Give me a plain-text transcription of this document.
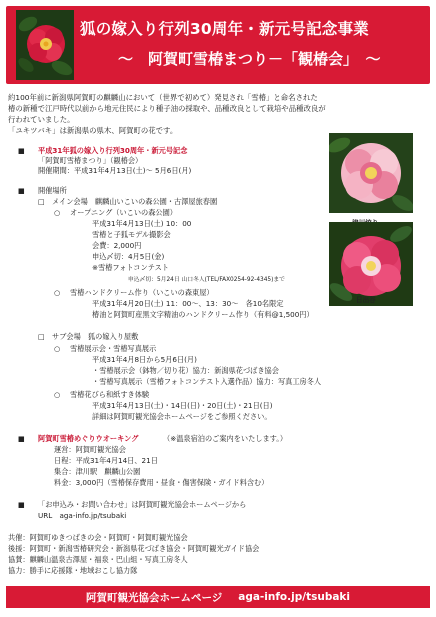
狐の嫁入り行列30周年・新元号記念事業
～　阿賀町雪椿まつり－「観椿会」　～

約100年前に新潟県阿賀町の麒麟山において（世界で初めて）発見され「雪椿」と命名された

椿の新種で江戸時代以前から地元住民により種子油の採取や、品種改良として栽培や品種改良が

行われていました。

「ユキツバキ」は新潟県の県木、阿賀町の花です。

■ 平成31年狐の嫁入り行列30周年・新元号記念
「阿賀町雪椿まつり」（観椿会）
開催期間：平成31年4月13日(土)～ 5月6日(月)
■ 開催場所
□ メイン会場　麒麟山いこいの森公園・古澤屋旅春園
○ オープニング（いこいの森公園）
平成31年4月13日(土) 10：00
雪椿と子狐モデル撮影会
会費：2,000円
申込〆切：4月5日(金)
※雪椿フォトコンテスト
申込〆切：5月24日 山口冬人(TEL/FAX0254-92-4345)まで
○ 雪椿ハンドクリーム作り（いこいの森東屋）
平成31年4月20日(土) 11：00～、13：30～　各10名限定
椿油と阿賀町産黒文字精油のハンドクリーム作り（有料@1,500円）
□ サブ会場　狐の嫁入り屋敷
○ 雪椿展示会・雪椿写真展示
平成31年4月8日から5月6日(月)
・雪椿展示会（鉢物／切り花）協力：新潟県花づばき協会
・雪椿写真展示（雪椿フォトコンテスト入選作品）協力：写真工房冬人
○ 雪椿花びら和紙すき体験
平成31年4月13日(土)・14日(日)・20日(土)・21日(日)
詳細は阿賀町観光協会ホームページをご参照ください。
■ 阿賀町雪椿めぐりウオーキング	（※温泉宿泊のご案内をいたします。）
運営：阿賀町観光協会
日程：平成31年4月14日、21日
集合：津川駅　麒麟山公園
料金：3,000円（雪椿保存費用・昼食・傷害保険・ガイド料含む）
■ 「お申込み・お問い合わせ」は阿賀町観光協会ホームページから
URL　aga-info.jp/tsubaki
共催：阿賀町ゆきつばきの会・阿賀町・阿賀町観光協会
後援：阿賀町・新潟雪椿研究会・新潟県花づばき協会・阿賀町観光ガイド協会
協賛：麒麟山温泉古澤屋・福泉・巴山組・写真工房冬人
協力：勝手に応援隊・地域おこし協力隊
日出谷
阿賀町観光協会ホームページ aga-info.jp/tsubaki
